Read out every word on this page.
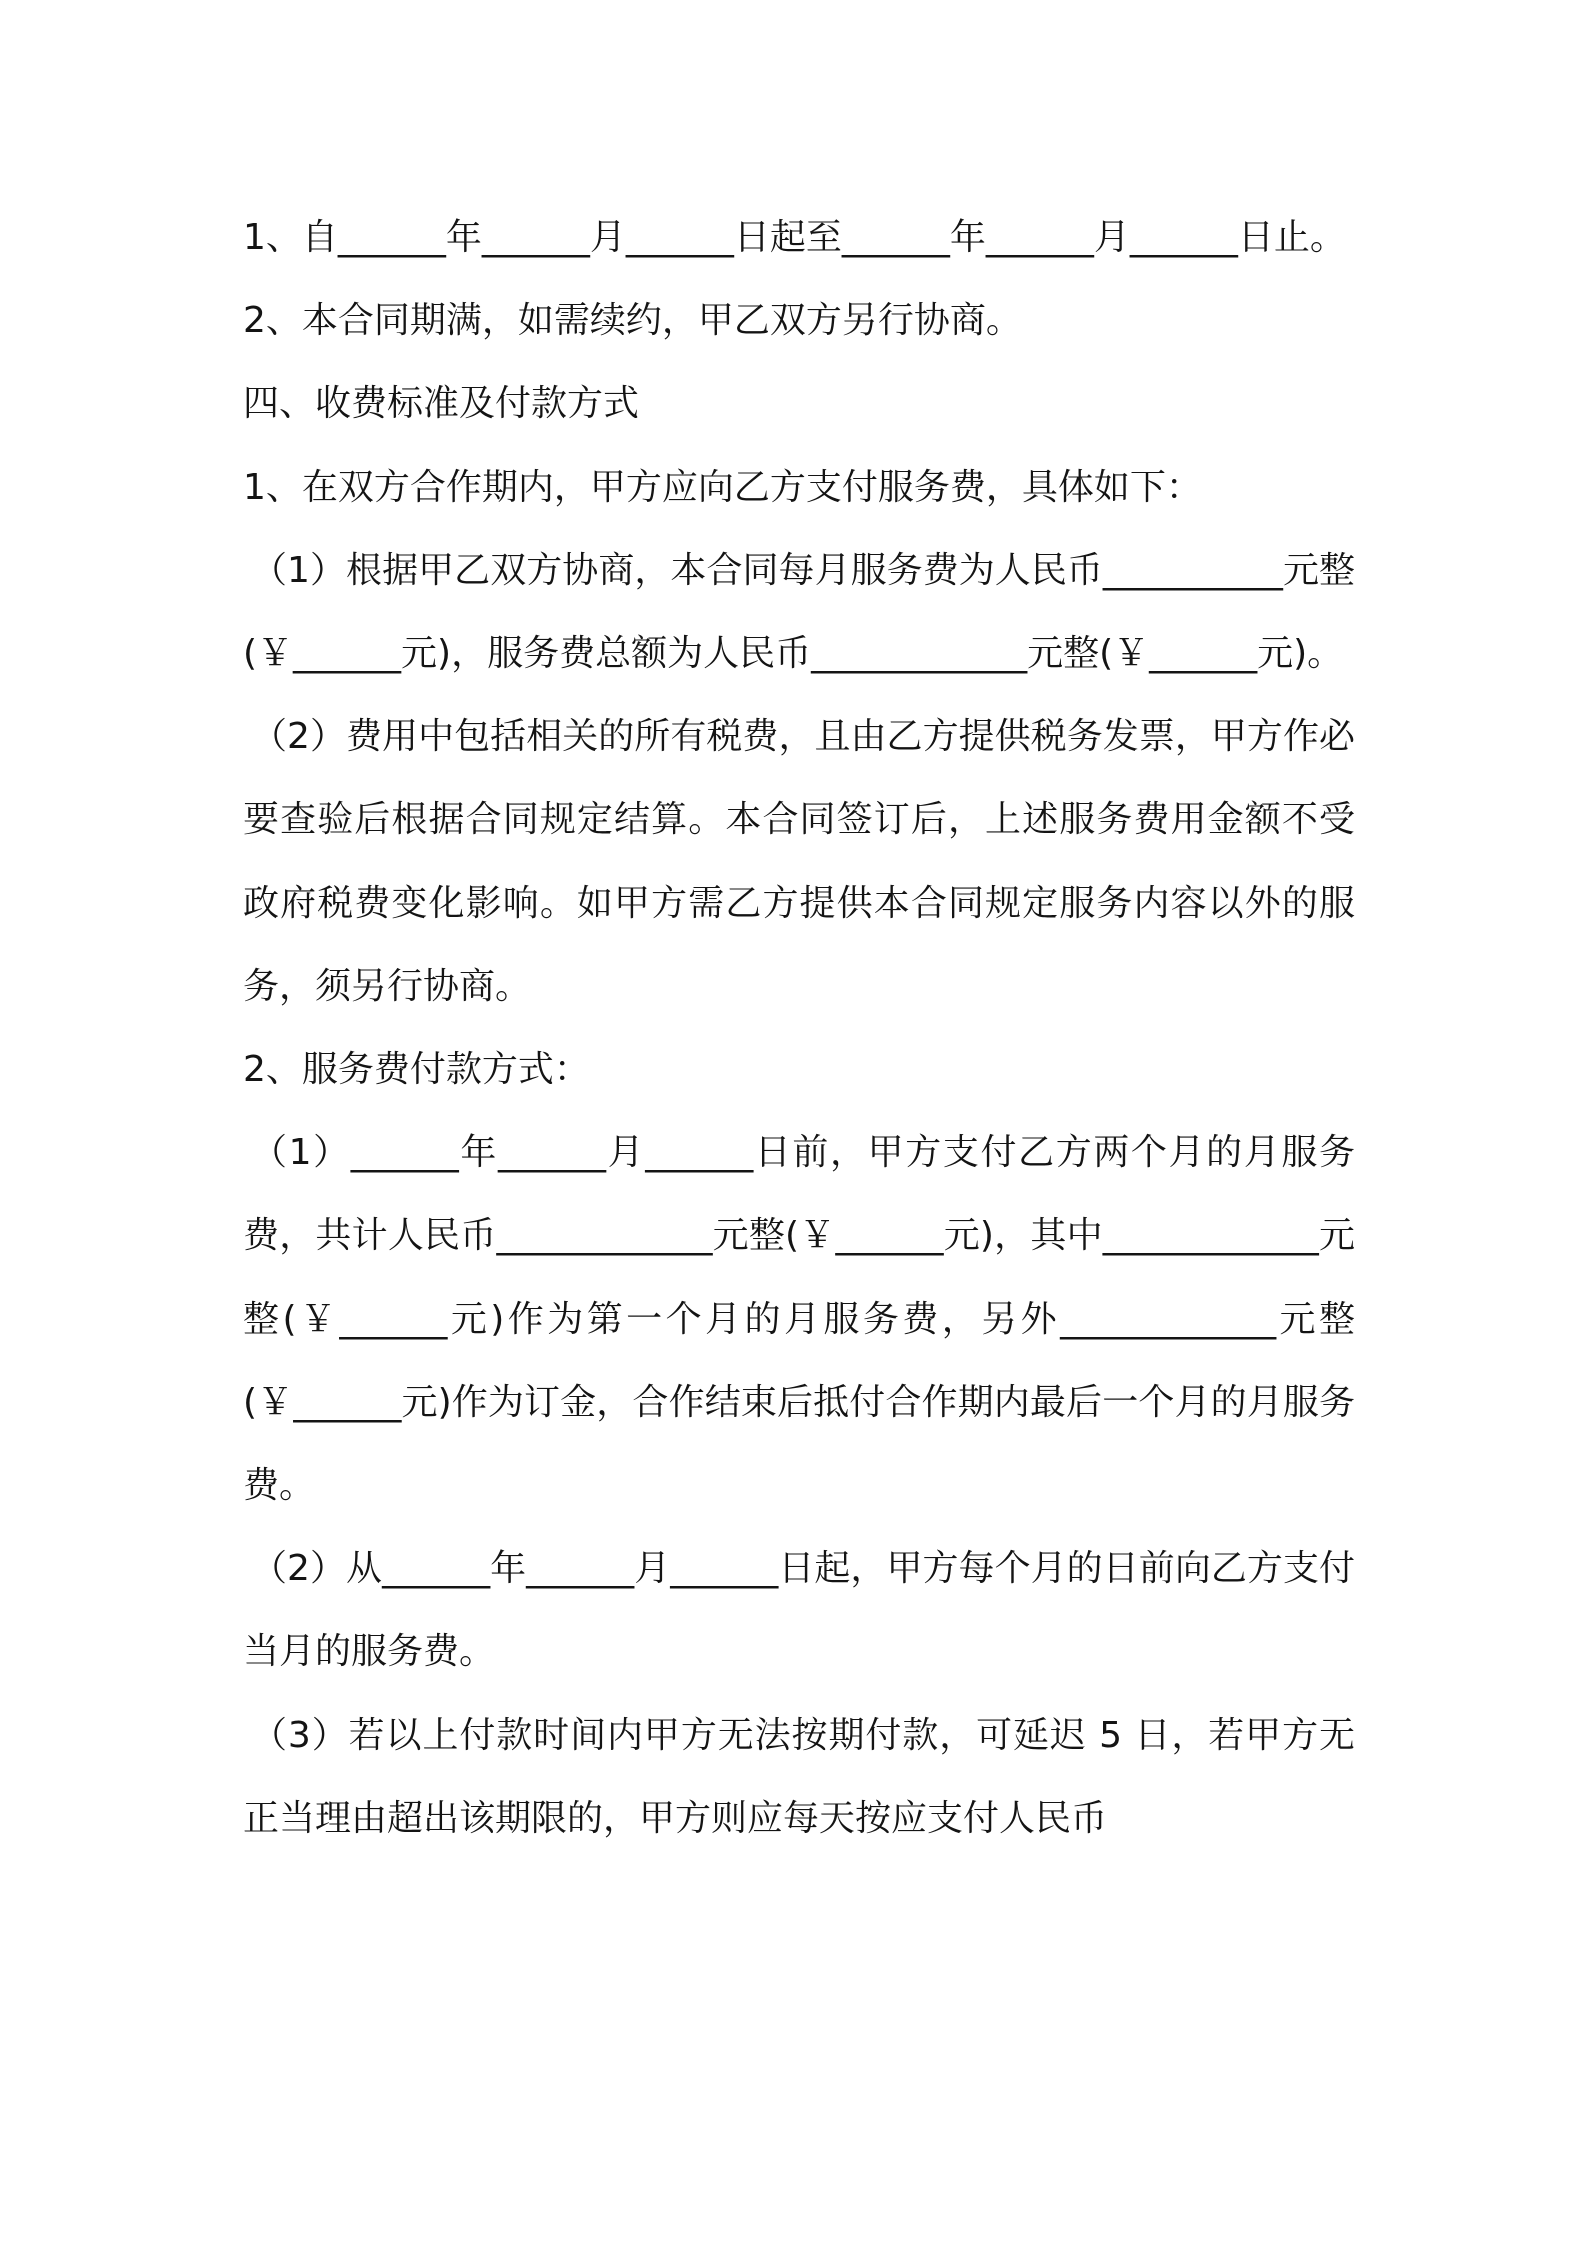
1、自______年______月______日起至______年______月______日止。

2、本合同期满，如需续约，甲乙双方另行协商。

四、收费标准及付款方式

1、在双方合作期内，甲方应向乙方支付服务费，具体如下：

（1）根据甲乙双方协商，本合同每月服务费为人民币__________元整(￥______元)，服务费总额为人民币____________元整(￥______元)。

（2）费用中包括相关的所有税费，且由乙方提供税务发票，甲方作必要查验后根据合同规定结算。本合同签订后，上述服务费用金额不受政府税费变化影响。如甲方需乙方提供本合同规定服务内容以外的服务，须另行协商。

2、服务费付款方式：

（1）______年______月______日前，甲方支付乙方两个月的月服务费，共计人民币____________元整(￥______元)，其中____________元整(￥______元)作为第一个月的月服务费，另外____________元整(￥______元)作为订金，合作结束后抵付合作期内最后一个月的月服务费。

（2）从______年______月______日起，甲方每个月的日前向乙方支付当月的服务费。

（3）若以上付款时间内甲方无法按期付款，可延迟 5 日，若甲方无正当理由超出该期限的，甲方则应每天按应支付人民币
